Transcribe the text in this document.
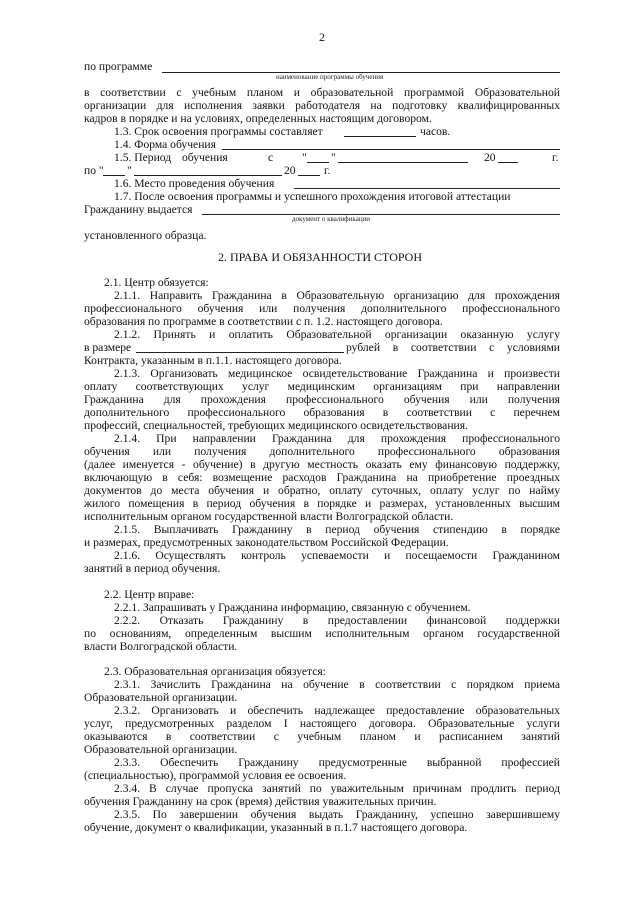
2
по программе
наименование программы обучения
в соответствии с учебным планом и образовательной программой Образовательной
организации для исполнения заявки работодателя на подготовку квалифицированных
кадров в порядке и на условиях, определенных настоящим договором.
1.3. Срок освоения программы составляет	часов.
1.4. Форма обучения
1.5. Период обучения	с " "	20	г.
по " "	20 г.
1.6. Место проведения обучения
1.7. После освоения программы и успешного прохождения итоговой аттестации
Гражданину выдается
документ о квалификации
установленного образца.
2. ПРАВА И ОБЯЗАННОСТИ СТОРОН
2.1. Центр обязуется:
2.1.1. Направить Гражданина в Образовательную организацию для прохождения
профессионального обучения или получения дополнительного профессионального
образования по программе в соответствии с п. 1.2. настоящего договора.
2.1.2. Принять и оплатить Образовательной организации оказанную услугу
в размере	рублей в соответствии с условиями
Контракта, указанным в п.1.1. настоящего договора.
2.1.3. Организовать медицинское освидетельствование Гражданина и произвести
оплату соответствующих услуг медицинским организациям при направлении
Гражданина для прохождения профессионального обучения или получения
дополнительного профессионального образования в соответствии с перечнем
профессий, специальностей, требующих медицинского освидетельствования.
2.1.4. При направлении Гражданина для прохождения профессионального
обучения или получения дополнительного профессионального образования
(далее именуется - обучение) в другую местность оказать ему финансовую поддержку,
включающую в себя: возмещение расходов Гражданина на приобретение проездных
документов до места обучения и обратно, оплату суточных, оплату услуг по найму
жилого помещения в период обучения в порядке и размерах, установленных высшим
исполнительным органом государственной власти Волгоградской области.
2.1.5. Выплачивать Гражданину в период обучения стипендию в порядке
и размерах, предусмотренных законодательством Российской Федерации.
2.1.6. Осуществлять контроль успеваемости и посещаемости Гражданином
занятий в период обучения.
2.2. Центр вправе:
2.2.1. Запрашивать у Гражданина информацию, связанную с обучением.
2.2.2. Отказать Гражданину в предоставлении финансовой поддержки
по основаниям, определенным высшим исполнительным органом государственной
власти Волгоградской области.
2.3. Образовательная организация обязуется:
2.3.1. Зачислить Гражданина на обучение в соответствии с порядком приема
Образовательной организации.
2.3.2. Организовать и обеспечить надлежащее предоставление образовательных
услуг, предусмотренных разделом I настоящего договора. Образовательные услуги
оказываются в соответствии с учебным планом и расписанием занятий
Образовательной организации.
2.3.3. Обеспечить Гражданину предусмотренные выбранной профессией
(специальностью), программой условия ее освоения.
2.3.4. В случае пропуска занятий по уважительным причинам продлить период
обучения Гражданину на срок (время) действия уважительных причин.
2.3.5. По завершении обучения выдать Гражданину, успешно завершившему
обучение, документ о квалификации, указанный в п.1.7 настоящего договора.
